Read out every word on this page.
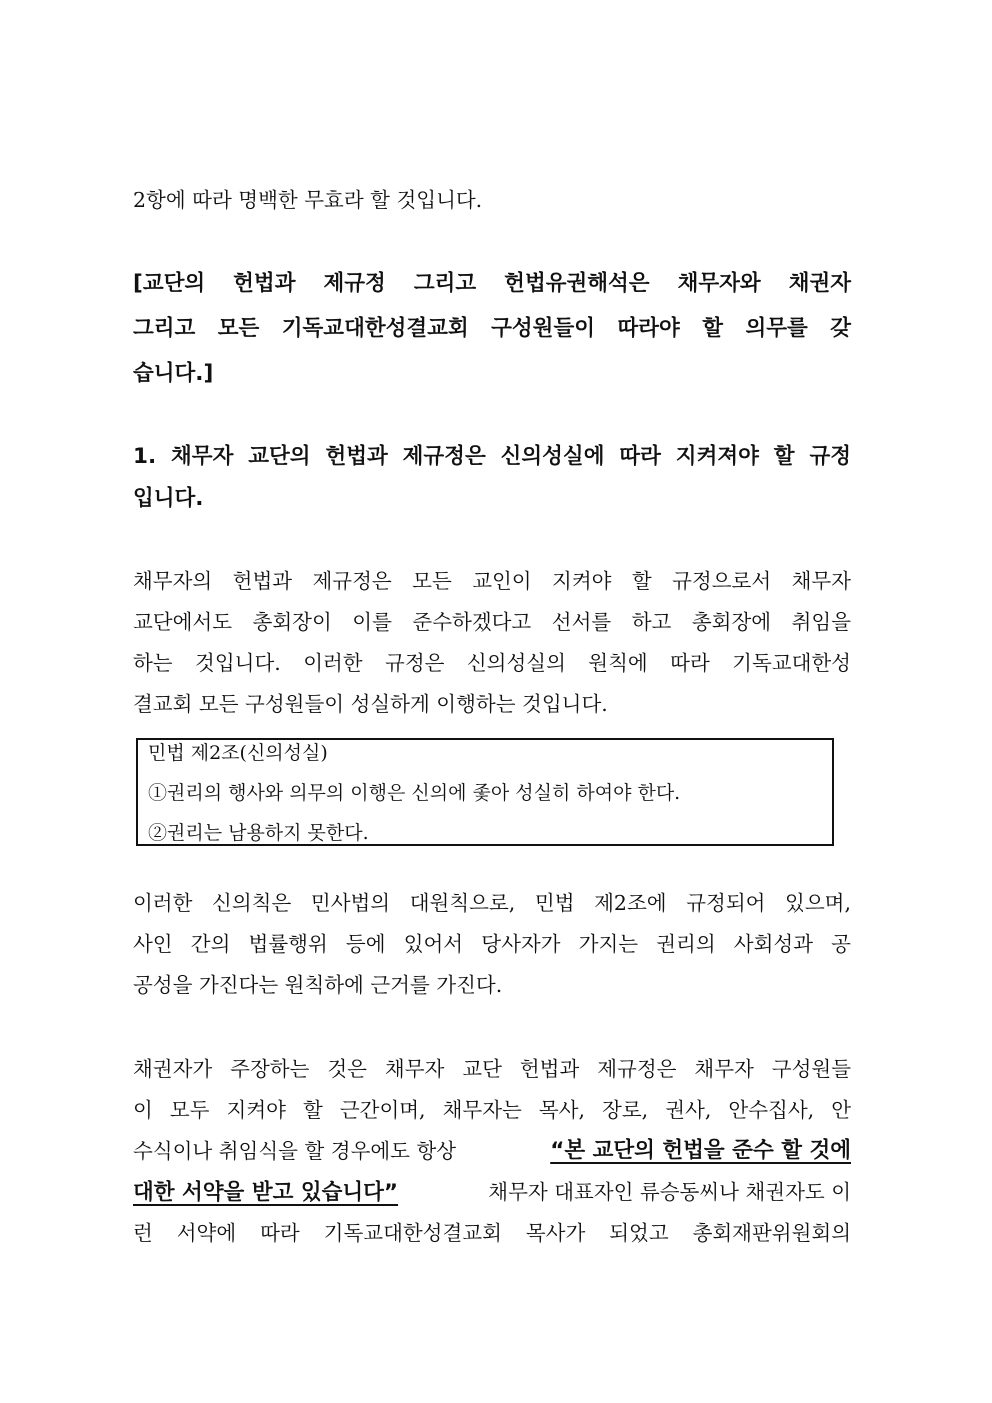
2항에 따라 명백한 무효라 할 것입니다.
[교단의 헌법과 제규정 그리고 헌법유권해석은 채무자와 채권자
그리고 모든 기독교대한성결교회 구성원들이 따라야 할 의무를 갖
습니다.]
1. 채무자 교단의 헌법과 제규정은 신의성실에 따라 지켜져야 할 규정
입니다.
채무자의 헌법과 제규정은 모든 교인이 지켜야 할 규정으로서 채무자
교단에서도 총회장이 이를 준수하겠다고 선서를 하고 총회장에 취임을
하는 것입니다. 이러한 규정은 신의성실의 원칙에 따라 기독교대한성
결교회 모든 구성원들이 성실하게 이행하는 것입니다.
민법 제2조(신의성실)
①권리의 행사와 의무의 이행은 신의에 좇아 성실히 하여야 한다.
②권리는 남용하지 못한다.
이러한 신의칙은 민사법의 대원칙으로, 민법 제2조에 규정되어 있으며,
사인 간의 법률행위 등에 있어서 당사자가 가지는 권리의 사회성과 공
공성을 가진다는 원칙하에 근거를 가진다.
채권자가 주장하는 것은 채무자 교단 헌법과 제규정은 채무자 구성원들
이 모두 지켜야 할 근간이며, 채무자는 목사, 장로, 권사, 안수집사, 안
수식이나 취임식을 할 경우에도 항상	“본 교단의 헌법을 준수 할 것에
대한 서약을 받고 있습니다”	채무자 대표자인 류승동씨나 채권자도 이
런 서약에 따라 기독교대한성결교회 목사가 되었고 총회재판위원회의
